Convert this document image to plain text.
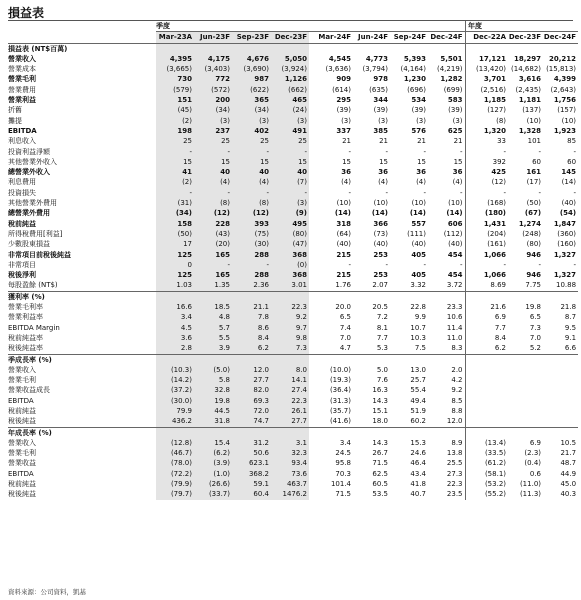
損益表
	季度										年度		
	Mar-23A	Jun-23F	Sep-23F	Dec-23F		Mar-24F	Jun-24F	Sep-24F	Dec-24F		Dec-22A	Dec-23F	Dec-24F
損益表 (NT$百萬)													
營業收入	4,395	4,175	4,676	5,050		4,545	4,773	5,393	5,501		17,121	18,297	20,212
營業成本	(3,665)	(3,403)	(3,690)	(3,924)		(3,636)	(3,794)	(4,164)	(4,219)		(13,420)	(14,682)	(15,813)
營業毛利	730	772	987	1,126		909	978	1,230	1,282		3,701	3,616	4,399
營業費用	(579)	(572)	(622)	(662)		(614)	(635)	(696)	(699)		(2,516)	(2,435)	(2,643)
營業利益	151	200	365	465		295	344	534	583		1,185	1,181	1,756
折舊	(45)	(34)	(34)	(24)		(39)	(39)	(39)	(39)		(127)	(137)	(157)
攤提	(2)	(3)	(3)	(3)		(3)	(3)	(3)	(3)		(8)	(10)	(10)
EBITDA	198	237	402	491		337	385	576	625		1,320	1,328	1,923
利息收入	25	25	25	25		21	21	21	21		33	101	85
投資利益淨額	-	-	-	-		-	-	-	-		-	-	-
其他營業外收入	15	15	15	15		15	15	15	15		392	60	60
總營業外收入	41	40	40	40		36	36	36	36		425	161	145
利息費用	(2)	(4)	(4)	(7)		(4)	(4)	(4)	(4)		(12)	(17)	(14)
投資損失	-	-	-	-		-	-	-	-		-	-	-
其他營業外費用	(31)	(8)	(8)	(3)		(10)	(10)	(10)	(10)		(168)	(50)	(40)
總營業外費用	(34)	(12)	(12)	(9)		(14)	(14)	(14)	(14)		(180)	(67)	(54)
稅前純益	158	228	393	495		318	366	557	606		1,431	1,274	1,847
所得稅費用[利益]	(50)	(43)	(75)	(80)		(64)	(73)	(111)	(112)		(204)	(248)	(360)
少數股東損益	17	(20)	(30)	(47)		(40)	(40)	(40)	(40)		(161)	(80)	(160)
非常項目前稅後純益	125	165	288	368		215	253	405	454		1,066	946	1,327
非常項目	0	-	-	(0)		-	-	-	-		-	-	-
稅後淨利	125	165	288	368		215	253	405	454		1,066	946	1,327
每股盈餘 (NT$)	1.03	1.35	2.36	3.01		1.76	2.07	3.32	3.72		8.69	7.75	10.88
獲利率 (%)													
營業毛利率	16.6	18.5	21.1	22.3		20.0	20.5	22.8	23.3		21.6	19.8	21.8
營業利益率	3.4	4.8	7.8	9.2		6.5	7.2	9.9	10.6		6.9	6.5	8.7
EBITDA Margin	4.5	5.7	8.6	9.7		7.4	8.1	10.7	11.4		7.7	7.3	9.5
稅前純益率	3.6	5.5	8.4	9.8		7.0	7.7	10.3	11.0		8.4	7.0	9.1
稅後純益率	2.8	3.9	6.2	7.3		4.7	5.3	7.5	8.3		6.2	5.2	6.6
季成長率 (%)													
營業收入	(10.3)	(5.0)	12.0	8.0		(10.0)	5.0	13.0	2.0				
營業毛利	(14.2)	5.8	27.7	14.1		(19.3)	7.6	25.7	4.2				
營業收益成長	(37.2)	32.8	82.0	27.4		(36.4)	16.3	55.4	9.2				
EBITDA	(30.0)	19.8	69.3	22.3		(31.3)	14.3	49.4	8.5				
稅前純益	79.9	44.5	72.0	26.1		(35.7)	15.1	51.9	8.8				
稅後純益	436.2	31.8	74.7	27.7		(41.6)	18.0	60.2	12.0				
年成長率 (%)													
營業收入	(12.8)	15.4	31.2	3.1		3.4	14.3	15.3	8.9		(13.4)	6.9	10.5
營業毛利	(46.7)	(6.2)	50.6	32.3		24.5	26.7	24.6	13.8		(33.5)	(2.3)	21.7
營業收益	(78.0)	(3.9)	623.1	93.4		95.8	71.5	46.4	25.5		(61.2)	(0.4)	48.7
EBITDA	(72.2)	(1.0)	368.2	73.6		70.3	62.5	43.4	27.3		(58.1)	0.6	44.9
稅前純益	(79.9)	(26.6)	59.1	463.7		101.4	60.5	41.8	22.3		(53.2)	(11.0)	45.0
稅後純益	(79.7)	(33.7)	60.4	1476.2		71.5	53.5	40.7	23.5		(55.2)	(11.3)	40.3
資料來源：公司資料，凱基
